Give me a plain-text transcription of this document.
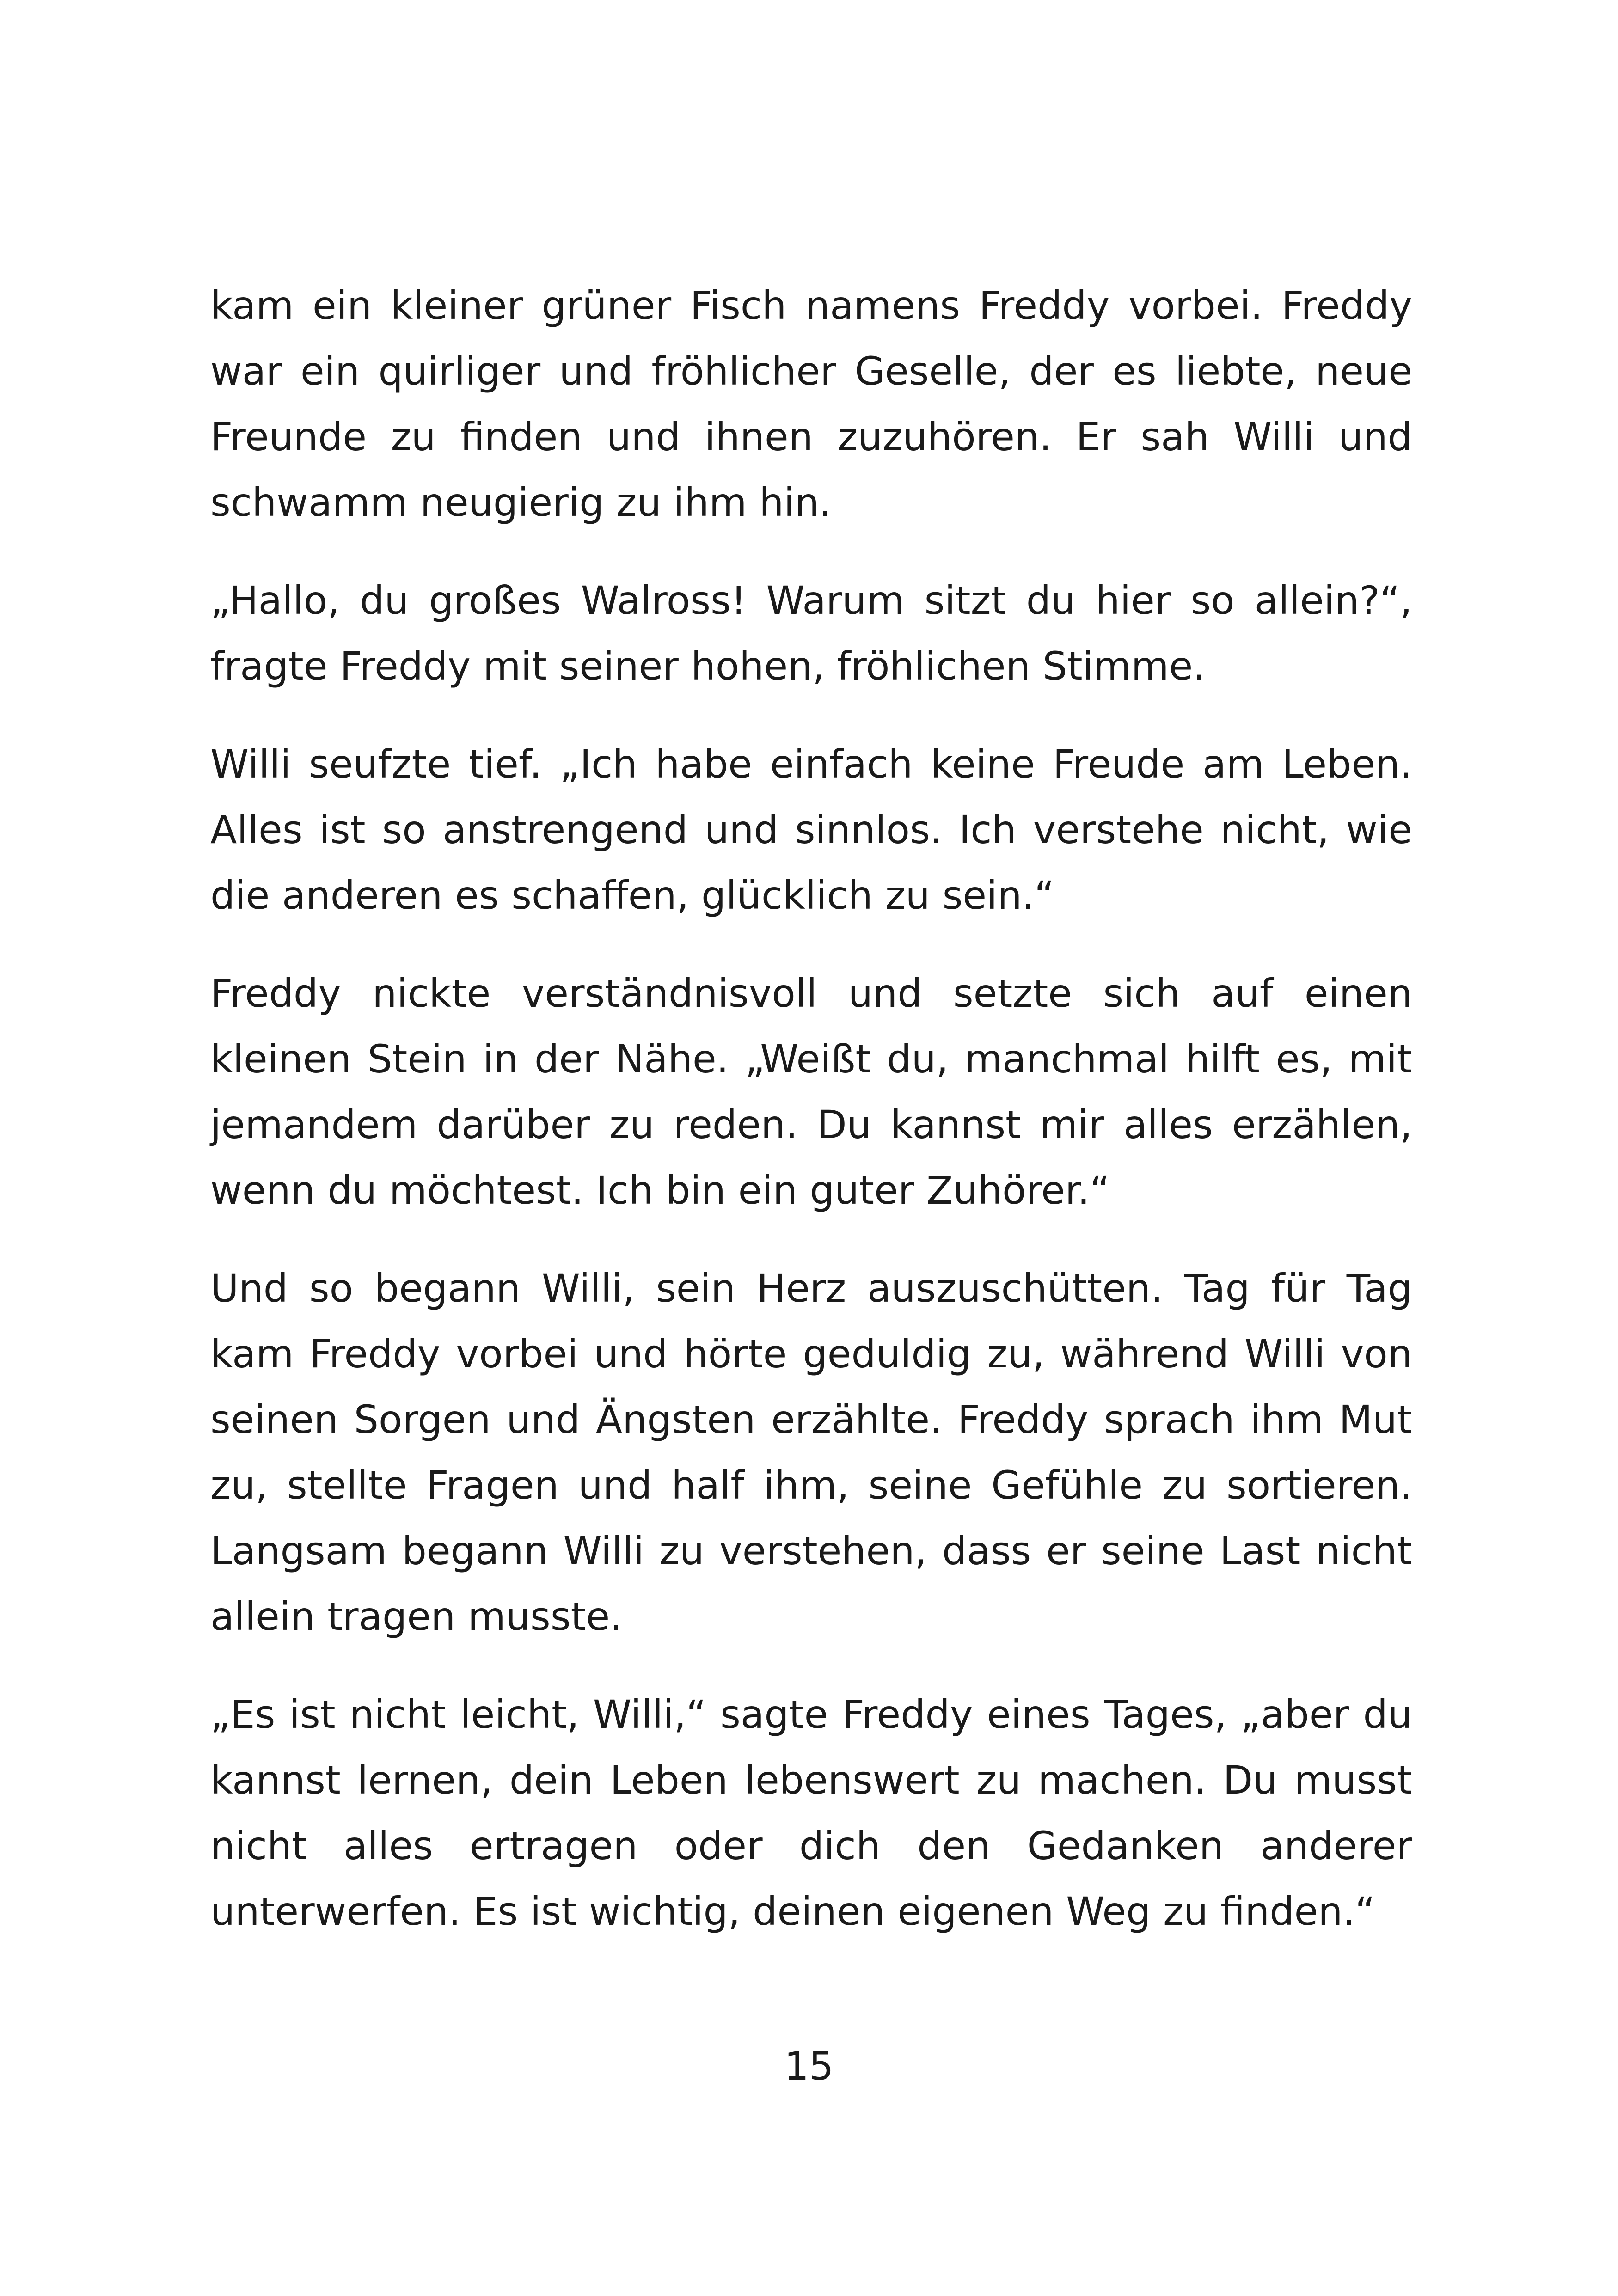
kam ein kleiner grüner Fisch namens Freddy vorbei. Freddy war ein quirliger und fröhlicher Geselle, der es liebte, neue Freunde zu finden und ihnen zuzuhören. Er sah Willi und schwamm neugierig zu ihm hin.

„Hallo, du großes Walross! Warum sitzt du hier so allein?“, fragte Freddy mit seiner hohen, fröhlichen Stimme.

Willi seufzte tief. „Ich habe einfach keine Freude am Leben. Alles ist so anstrengend und sinnlos. Ich verstehe nicht, wie die anderen es schaffen, glücklich zu sein.“

Freddy nickte verständnisvoll und setzte sich auf einen kleinen Stein in der Nähe. „Weißt du, manchmal hilft es, mit jemandem darüber zu reden. Du kannst mir alles erzählen, wenn du möchtest. Ich bin ein guter Zuhörer.“

Und so begann Willi, sein Herz auszuschütten. Tag für Tag kam Freddy vorbei und hörte geduldig zu, während Willi von seinen Sorgen und Ängsten erzählte. Freddy sprach ihm Mut zu, stellte Fragen und half ihm, seine Gefühle zu sortieren. Langsam begann Willi zu verstehen, dass er seine Last nicht allein tragen musste.

„Es ist nicht leicht, Willi,“ sagte Freddy eines Tages, „aber du kannst lernen, dein Leben lebenswert zu machen. Du musst nicht alles ertragen oder dich den Gedanken anderer unterwerfen. Es ist wichtig, deinen eigenen Weg zu finden.“

15
